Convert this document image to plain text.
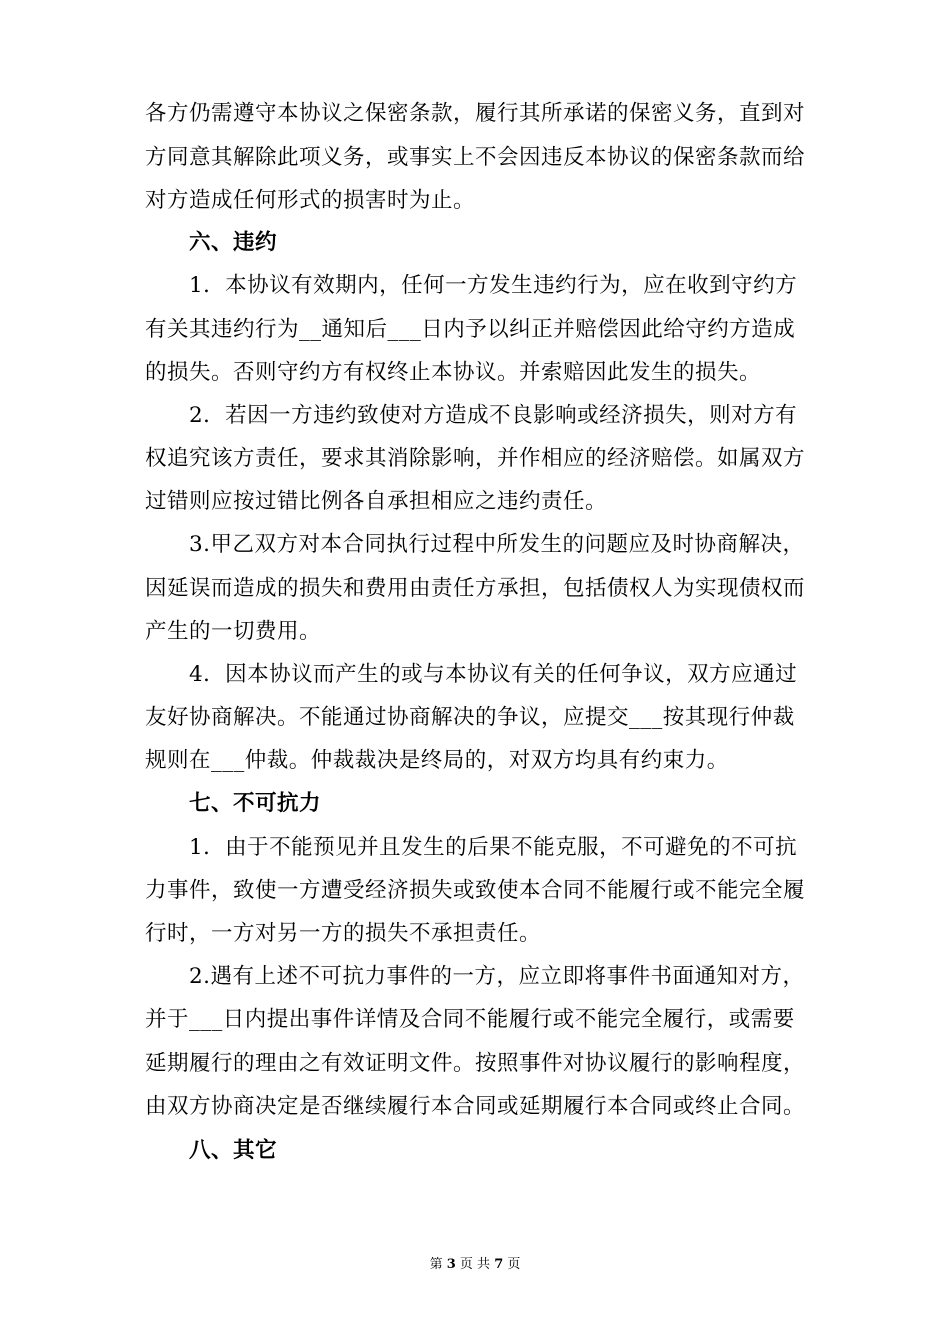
各方仍需遵守本协议之保密条款，履行其所承诺的保密义务，直到对
方同意其解除此项义务，或事实上不会因违反本协议的保密条款而给
对方造成任何形式的损害时为止。
六、违约
1．本协议有效期内，任何一方发生违约行为，应在收到守约方
有关其违约行为__通知后___日内予以纠正并赔偿因此给守约方造成
的损失。否则守约方有权终止本协议。并索赔因此发生的损失。
2．若因一方违约致使对方造成不良影响或经济损失，则对方有
权追究该方责任，要求其消除影响，并作相应的经济赔偿。如属双方
过错则应按过错比例各自承担相应之违约责任。
3.甲乙双方对本合同执行过程中所发生的问题应及时协商解决，
因延误而造成的损失和费用由责任方承担，包括债权人为实现债权而
产生的一切费用。
4．因本协议而产生的或与本协议有关的任何争议，双方应通过
友好协商解决。不能通过协商解决的争议，应提交___按其现行仲裁
规则在___仲裁。仲裁裁决是终局的，对双方均具有约束力。
七、不可抗力
1．由于不能预见并且发生的后果不能克服，不可避免的不可抗
力事件，致使一方遭受经济损失或致使本合同不能履行或不能完全履
行时，一方对另一方的损失不承担责任。
2.遇有上述不可抗力事件的一方，应立即将事件书面通知对方，
并于___日内提出事件详情及合同不能履行或不能完全履行，或需要
延期履行的理由之有效证明文件。按照事件对协议履行的影响程度，
由双方协商决定是否继续履行本合同或延期履行本合同或终止合同。
八、其它
第 3 页 共 7 页
